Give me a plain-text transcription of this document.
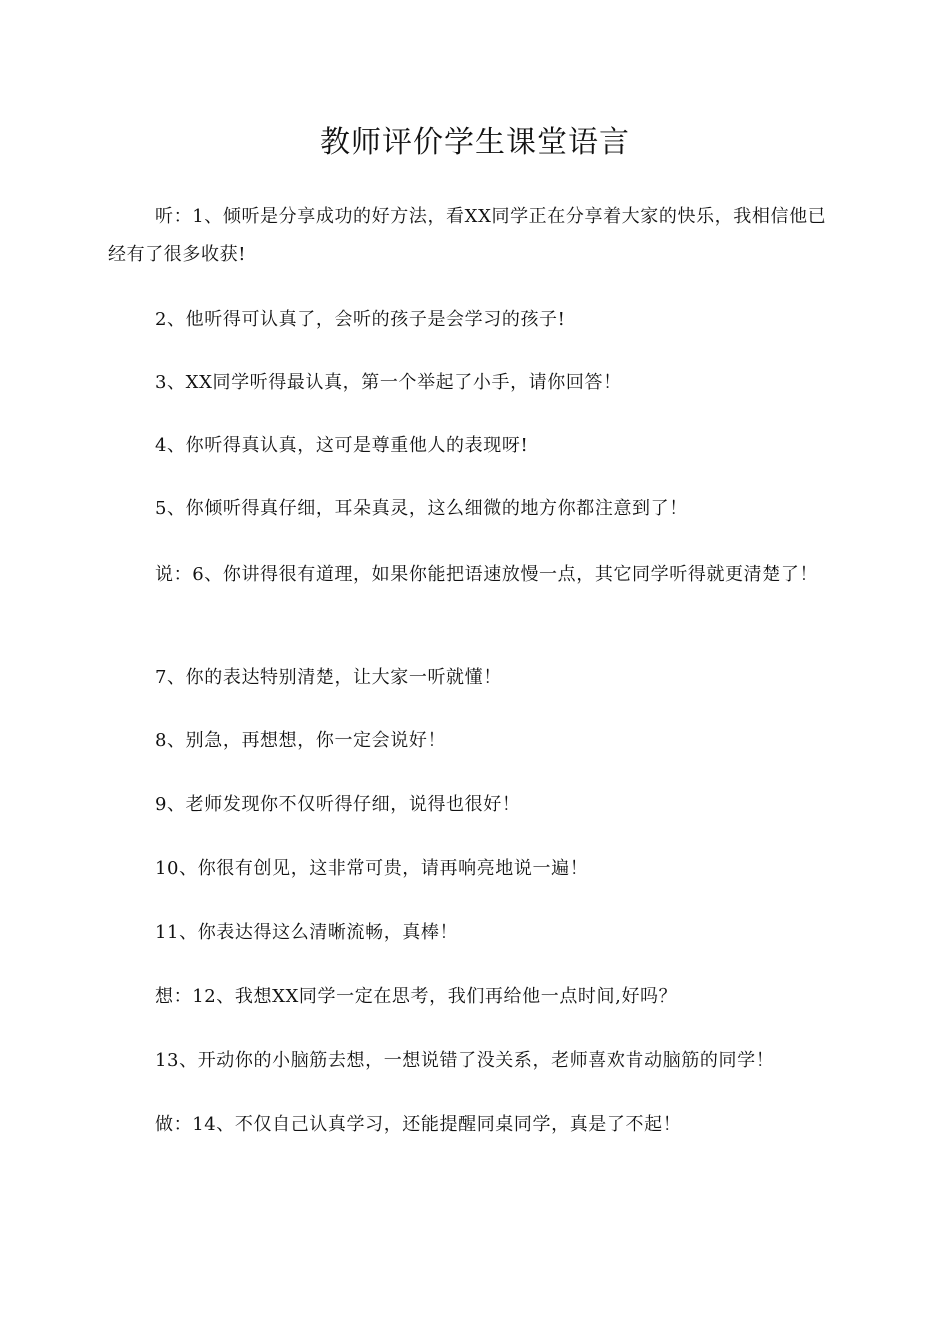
教师评价学生课堂语言
听：1、倾听是分享成功的好方法，看XX同学正在分享着大家的快乐，我相信他已经有了很多收获!
2、他听得可认真了，会听的孩子是会学习的孩子!
3、XX同学听得最认真，第一个举起了小手，请你回答！
4、你听得真认真，这可是尊重他人的表现呀!
5、你倾听得真仔细，耳朵真灵，这么细微的地方你都注意到了！
说：6、你讲得很有道理，如果你能把语速放慢一点，其它同学听得就更清楚了！
7、你的表达特别清楚，让大家一听就懂！
8、别急，再想想，你一定会说好！
9、老师发现你不仅听得仔细，说得也很好！
10、你很有创见，这非常可贵，请再响亮地说一遍！
11、你表达得这么清晰流畅，真棒！
想：12、我想XX同学一定在思考，我们再给他一点时间,好吗？
13、开动你的小脑筋去想，一想说错了没关系，老师喜欢肯动脑筋的同学！
做：14、不仅自己认真学习，还能提醒同桌同学，真是了不起！
